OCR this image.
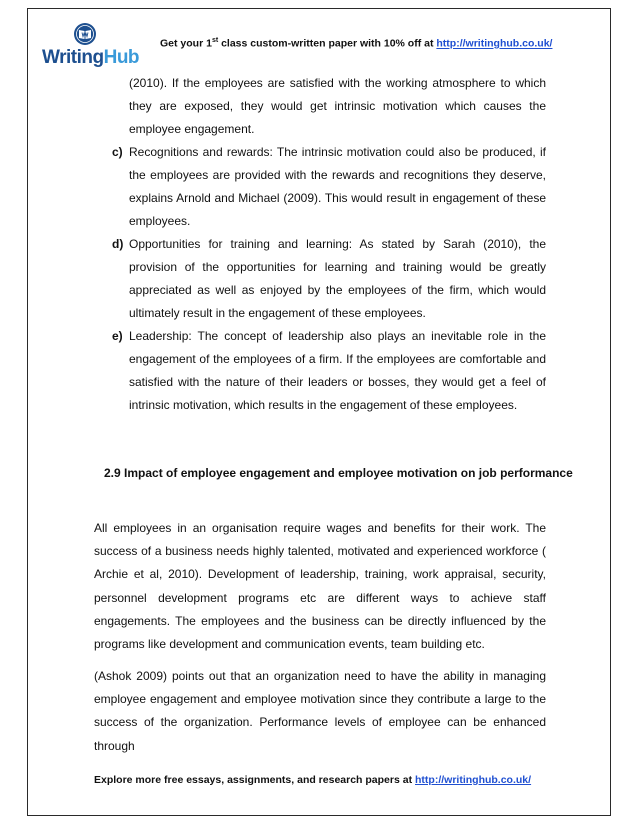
WritingHub
Get your 1st class custom-written paper with 10% off at http://writinghub.co.uk/

(2010). If the employees are satisfied with the working atmosphere to which they are exposed, they would get intrinsic motivation which causes the employee engagement.

c) Recognitions and rewards: The intrinsic motivation could also be produced, if the employees are provided with the rewards and recognitions they deserve, explains Arnold and Michael (2009). This would result in engagement of these employees.

d) Opportunities for training and learning: As stated by Sarah (2010), the provision of the opportunities for learning and training would be greatly appreciated as well as enjoyed by the employees of the firm, which would ultimately result in the engagement of these employees.

e) Leadership: The concept of leadership also plays an inevitable role in the engagement of the employees of a firm. If the employees are comfortable and satisfied with the nature of their leaders or bosses, they would get a feel of intrinsic motivation, which results in the engagement of these employees.

2.9 Impact of employee engagement and employee motivation on job performance

All employees in an organisation require wages and benefits for their work. The success of a business needs highly talented, motivated and experienced workforce ( Archie et al, 2010). Development of leadership, training, work appraisal, security, personnel development programs etc are different ways to achieve staff engagements. The employees and the business can be directly influenced by the programs like development and communication events, team building etc.

(Ashok 2009) points out that an organization need to have the ability in managing employee engagement and employee motivation since they contribute a large to the success of the organization. Performance levels of employee can be enhanced through

Explore more free essays, assignments, and research papers at http://writinghub.co.uk/
